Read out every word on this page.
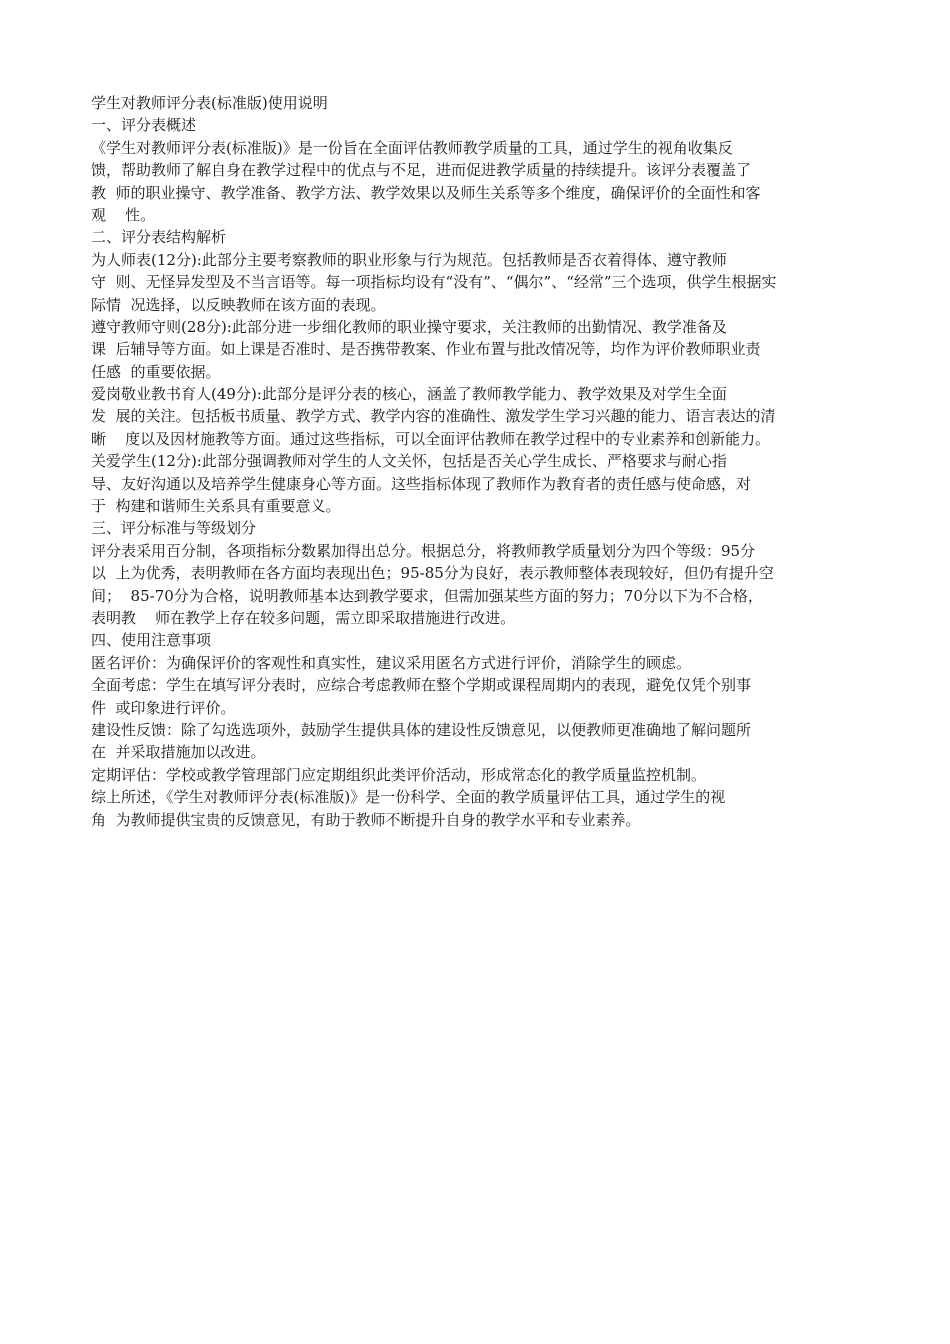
学生对教师评分表(标准版)使用说明
一、评分表概述
《学生对教师评分表(标准版)》是一份旨在全面评估教师教学质量的工具，通过学生的视角收集反
馈，帮助教师了解自身在教学过程中的优点与不足，进而促进教学质量的持续提升。该评分表覆盖了
教  师的职业操守、教学准备、教学方法、教学效果以及师生关系等多个维度，确保评价的全面性和客
观    性。
二、评分表结构解析
为人师表(12分):此部分主要考察教师的职业形象与行为规范。包括教师是否衣着得体、遵守教师
守  则、无怪异发型及不当言语等。每一项指标均设有“没有”、“偶尔”、“经常”三个选项，供学生根据实
际情  况选择，以反映教师在该方面的表现。
遵守教师守则(28分):此部分进一步细化教师的职业操守要求，关注教师的出勤情况、教学准备及
课  后辅导等方面。如上课是否准时、是否携带教案、作业布置与批改情况等，均作为评价教师职业责
任感  的重要依据。
爱岗敬业教书育人(49分):此部分是评分表的核心，涵盖了教师教学能力、教学效果及对学生全面
发  展的关注。包括板书质量、教学方式、教学内容的准确性、激发学生学习兴趣的能力、语言表达的清
晰    度以及因材施教等方面。通过这些指标，可以全面评估教师在教学过程中的专业素养和创新能力。
关爱学生(12分):此部分强调教师对学生的人文关怀，包括是否关心学生成长、严格要求与耐心指
导、友好沟通以及培养学生健康身心等方面。这些指标体现了教师作为教育者的责任感与使命感，对
于  构建和谐师生关系具有重要意义。
三、评分标准与等级划分
评分表采用百分制，各项指标分数累加得出总分。根据总分，将教师教学质量划分为四个等级：95分
以  上为优秀，表明教师在各方面均表现出色；95-85分为良好，表示教师整体表现较好，但仍有提升空
间；  85-70分为合格，说明教师基本达到教学要求，但需加强某些方面的努力；70分以下为不合格，
表明教    师在教学上存在较多问题，需立即采取措施进行改进。
四、使用注意事项
匿名评价：为确保评价的客观性和真实性，建议采用匿名方式进行评价，消除学生的顾虑。
全面考虑：学生在填写评分表时，应综合考虑教师在整个学期或课程周期内的表现，避免仅凭个别事
件  或印象进行评价。
建设性反馈：除了勾选选项外，鼓励学生提供具体的建设性反馈意见，以便教师更准确地了解问题所
在  并采取措施加以改进。
定期评估：学校或教学管理部门应定期组织此类评价活动，形成常态化的教学质量监控机制。
综上所述，《学生对教师评分表(标准版)》是一份科学、全面的教学质量评估工具，通过学生的视
角  为教师提供宝贵的反馈意见，有助于教师不断提升自身的教学水平和专业素养。
